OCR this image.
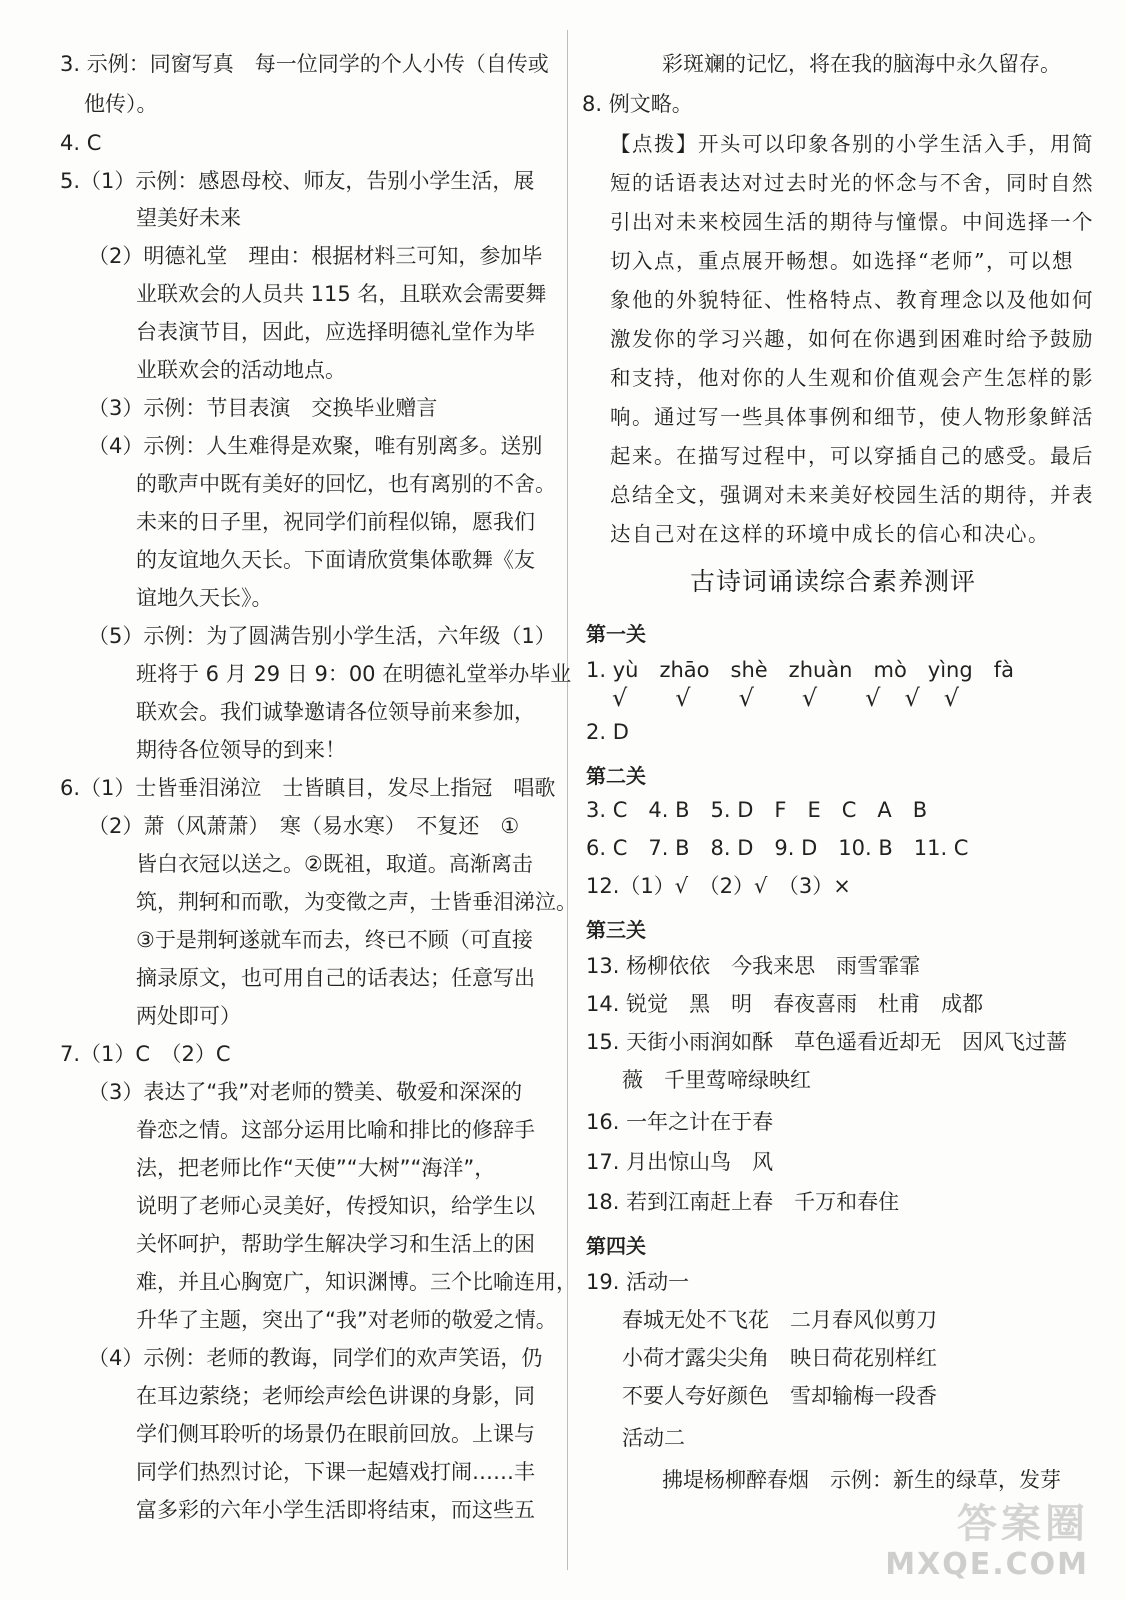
3. 示例：同窗写真　每一位同学的个人小传（自传或
他传）。
4. C
5.（1）示例：感恩母校、师友，告别小学生活，展
望美好未来
（2）明德礼堂　理由：根据材料三可知，参加毕
业联欢会的人员共 115 名，且联欢会需要舞
台表演节目，因此，应选择明德礼堂作为毕
业联欢会的活动地点。
（3）示例：节目表演　交换毕业赠言
（4）示例：人生难得是欢聚，唯有别离多。送别
的歌声中既有美好的回忆，也有离别的不舍。
未来的日子里，祝同学们前程似锦，愿我们
的友谊地久天长。下面请欣赏集体歌舞《友
谊地久天长》。
（5）示例：为了圆满告别小学生活，六年级（1）
班将于 6 月 29 日 9：00 在明德礼堂举办毕业
联欢会。我们诚挚邀请各位领导前来参加，
期待各位领导的到来！
6.（1）士皆垂泪涕泣　士皆瞋目，发尽上指冠　唱歌
（2）萧（风萧萧）　寒（易水寒）　不复还　①
皆白衣冠以送之。②既祖，取道。高渐离击
筑，荆轲和而歌，为变徵之声，士皆垂泪涕泣。
③于是荆轲遂就车而去，终已不顾（可直接
摘录原文，也可用自己的话表达；任意写出
两处即可）
7.（1）C　（2）C
（3）表达了“我”对老师的赞美、敬爱和深深的
眷恋之情。这部分运用比喻和排比的修辞手
法，把老师比作“天使”“大树”“海洋”，
说明了老师心灵美好，传授知识，给学生以
关怀呵护，帮助学生解决学习和生活上的困
难，并且心胸宽广，知识渊博。三个比喻连用，
升华了主题，突出了“我”对老师的敬爱之情。
（4）示例：老师的教诲，同学们的欢声笑语，仍
在耳边萦绕；老师绘声绘色讲课的身影，同
学们侧耳聆听的场景仍在眼前回放。上课与
同学们热烈讨论，下课一起嬉戏打闹……丰
富多彩的六年小学生活即将结束，而这些五
彩斑斓的记忆，将在我的脑海中永久留存。
8. 例文略。
【点拨】开头可以印象各别的小学生活入手，用简
短的话语表达对过去时光的怀念与不舍，同时自然
引出对未来校园生活的期待与憧憬。中间选择一个
切入点，重点展开畅想。如选择“老师”，可以想
象他的外貌特征、性格特点、教育理念以及他如何
激发你的学习兴趣，如何在你遇到困难时给予鼓励
和支持，他对你的人生观和价值观会产生怎样的影
响。通过写一些具体事例和细节，使人物形象鲜活
起来。在描写过程中，可以穿插自己的感受。最后
总结全文，强调对未来美好校园生活的期待，并表
达自己对在这样的环境中成长的信心和决心。
古诗词诵读综合素养测评
第一关
1. yù　zhāo　shè　zhuàn　mò　yìng　fà
√　　√　　√　　√　　√　√　√
2. D
第二关
3. C　4. B　5. D　F　E　C　A　B
6. C　7. B　8. D　9. D　10. B　11. C
12.（1）√　（2）√　（3）×
第三关
13. 杨柳依依　今我来思　雨雪霏霏
14. 锐觉　黑　明　春夜喜雨　杜甫　成都
15. 天街小雨润如酥　草色遥看近却无　因风飞过蔷
薇　千里莺啼绿映红
16. 一年之计在于春
17. 月出惊山鸟　风
18. 若到江南赶上春　千万和春住
第四关
19. 活动一
春城无处不飞花　二月春风似剪刀
小荷才露尖尖角　映日荷花别样红
不要人夸好颜色　雪却输梅一段香
活动二
拂堤杨柳醉春烟　示例：新生的绿草，发芽
答案圈
MXQE.COM
